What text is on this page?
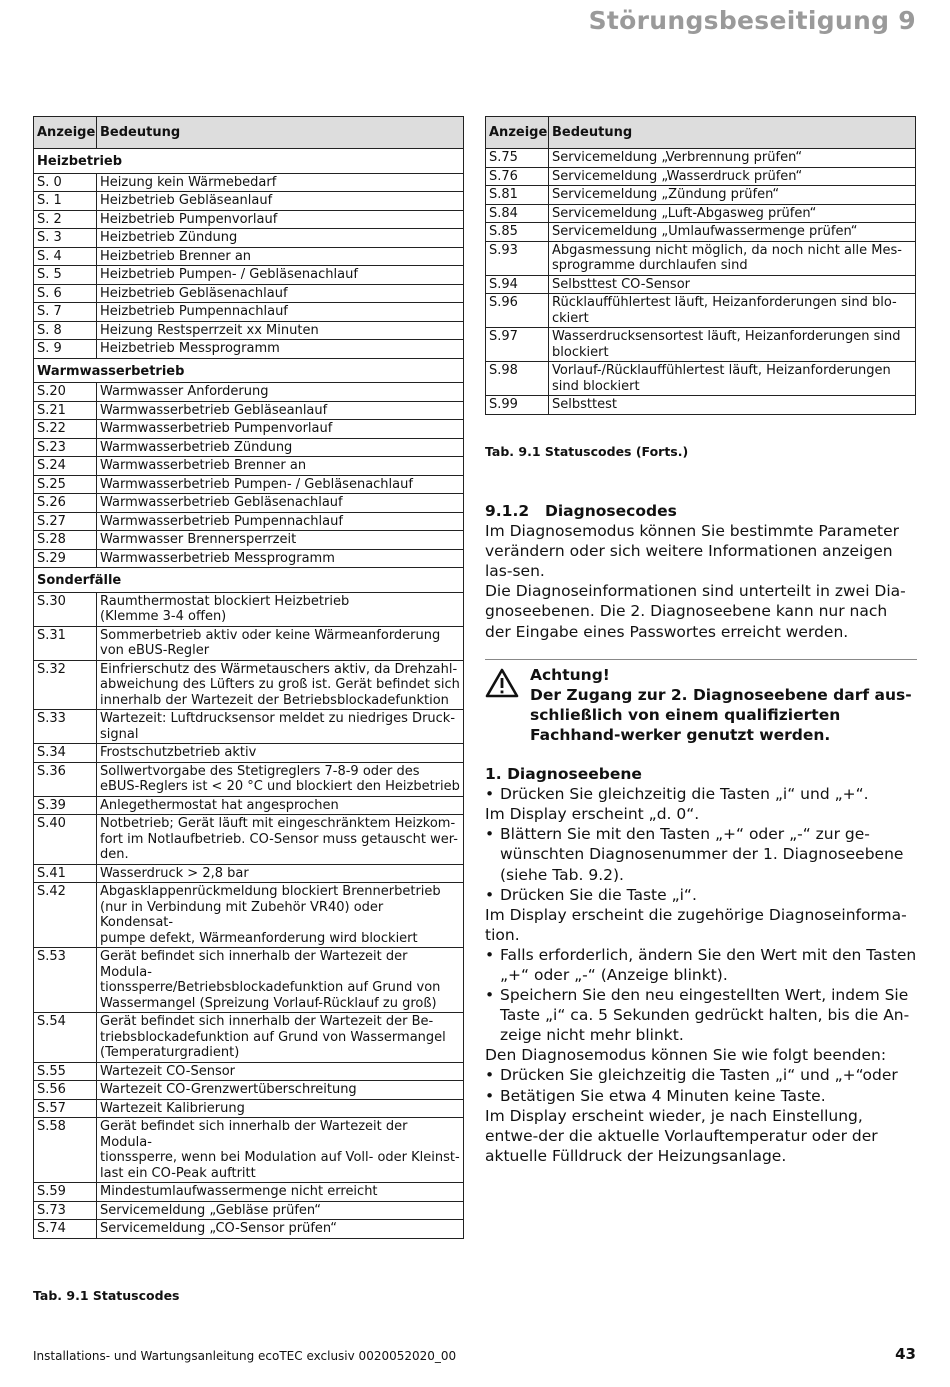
Störungsbeseitigung 9
Anzeige	Bedeutung
Heizbetrieb	
S. 0	Heizung kein Wärmebedarf
S. 1	Heizbetrieb Gebläseanlauf
S. 2	Heizbetrieb Pumpenvorlauf
S. 3	Heizbetrieb Zündung
S. 4	Heizbetrieb Brenner an
S. 5	Heizbetrieb Pumpen- / Gebläsenachlauf
S. 6	Heizbetrieb Gebläsenachlauf
S. 7	Heizbetrieb Pumpennachlauf
S. 8	Heizung Restsperrzeit xx Minuten
S. 9	Heizbetrieb Messprogramm
Warmwasserbetrieb	
S.20	Warmwasser Anforderung
S.21	Warmwasserbetrieb Gebläseanlauf
S.22	Warmwasserbetrieb Pumpenvorlauf
S.23	Warmwasserbetrieb Zündung
S.24	Warmwasserbetrieb Brenner an
S.25	Warmwasserbetrieb Pumpen- / Gebläsenachlauf
S.26	Warmwasserbetrieb Gebläsenachlauf
S.27	Warmwasserbetrieb Pumpennachlauf
S.28	Warmwasser Brennersperrzeit
S.29	Warmwasserbetrieb Messprogramm
Sonderfälle	
S.30	Raumthermostat blockiert Heizbetrieb
(Klemme 3-4 offen)
S.31	Sommerbetrieb aktiv oder keine Wärmeanforderung
von eBUS-Regler
S.32	Einfrierschutz des Wärmetauschers aktiv, da Drehzahl-
abweichung des Lüfters zu groß ist. Gerät befindet sich
innerhalb der Wartezeit der Betriebsblockadefunktion
S.33	Wartezeit: Luftdrucksensor meldet zu niedriges Druck-
signal
S.34	Frostschutzbetrieb aktiv
S.36	Sollwertvorgabe des Stetigreglers 7-8-9 oder des
eBUS-Reglers ist < 20 °C und blockiert den Heizbetrieb
S.39	Anlegethermostat hat angesprochen
S.40	Notbetrieb; Gerät läuft mit eingeschränktem Heizkom-
fort im Notlaufbetrieb. CO-Sensor muss getauscht wer-
den.
S.41	Wasserdruck > 2,8 bar
S.42	Abgasklappenrückmeldung blockiert Brennerbetrieb
(nur in Verbindung mit Zubehör VR40) oder Kondensat-
pumpe defekt, Wärmeanforderung wird blockiert
S.53	Gerät befindet sich innerhalb der Wartezeit der Modula-
tionssperre/Betriebsblockadefunktion auf Grund von
Wassermangel (Spreizung Vorlauf-Rücklauf zu groß)
S.54	Gerät befindet sich innerhalb der Wartezeit der Be-
triebsblockadefunktion auf Grund von Wassermangel
(Temperaturgradient)
S.55	Wartezeit CO-Sensor
S.56	Wartezeit CO-Grenzwertüberschreitung
S.57	Wartezeit Kalibrierung
S.58	Gerät befindet sich innerhalb der Wartezeit der Modula-
tionssperre, wenn bei Modulation auf Voll- oder Kleinst-
last ein CO-Peak auftritt
S.59	Mindestumlaufwassermenge nicht erreicht
S.73	Servicemeldung „Gebläse prüfen“
S.74	Servicemeldung „CO-Sensor prüfen“
Tab. 9.1 Statuscodes
Anzeige	Bedeutung
S.75	Servicemeldung „Verbrennung prüfen“
S.76	Servicemeldung „Wasserdruck prüfen“
S.81	Servicemeldung „Zündung prüfen“
S.84	Servicemeldung „Luft-Abgasweg prüfen“
S.85	Servicemeldung „Umlaufwassermenge prüfen“
S.93	Abgasmessung nicht möglich, da noch nicht alle Mes-
sprogramme durchlaufen sind
S.94	Selbsttest CO-Sensor
S.96	Rücklauffühlertest läuft, Heizanforderungen sind blo-
ckiert
S.97	Wasserdrucksensortest läuft, Heizanforderungen sind
blockiert
S.98	Vorlauf-/Rücklauffühlertest läuft, Heizanforderungen
sind blockiert
S.99	Selbsttest
Tab. 9.1 Statuscodes (Forts.)
9.1.2 Diagnosecodes

Im Diagnosemodus können Sie bestimmte Parameter verändern oder sich weitere Informationen anzeigen las-sen.

Die Diagnoseinformationen sind unterteilt in zwei Dia-gnoseebenen. Die 2. Diagnoseebene kann nur nach der Eingabe eines Passwortes erreicht werden.

Achtung!
Der Zugang zur 2. Diagnoseebene darf aus-schließlich von einem qualifizierten Fachhand-werker genutzt werden.
1. Diagnoseebene
• Drücken Sie gleichzeitig die Tasten „i“ und „+“.

Im Display erscheint „d. 0“.

• Blättern Sie mit den Tasten „+“ oder „-“ zur ge-wünschten Diagnosenummer der 1. Diagnoseebene (siehe Tab. 9.2).
• Drücken Sie die Taste „i“.

Im Display erscheint die zugehörige Diagnoseinforma-tion.

• Falls erforderlich, ändern Sie den Wert mit den Tasten „+“ oder „-“ (Anzeige blinkt).
• Speichern Sie den neu eingestellten Wert, indem Sie Taste „i“ ca. 5 Sekunden gedrückt halten, bis die An-zeige nicht mehr blinkt.

Den Diagnosemodus können Sie wie folgt beenden:

• Drücken Sie gleichzeitig die Tasten „i“ und „+“oder
• Betätigen Sie etwa 4 Minuten keine Taste.

Im Display erscheint wieder, je nach Einstellung, entwe-der die aktuelle Vorlauftemperatur oder der aktuelle Fülldruck der Heizungsanlage.

Installations- und Wartungsanleitung ecoTEC exclusiv 0020052020_00	43
